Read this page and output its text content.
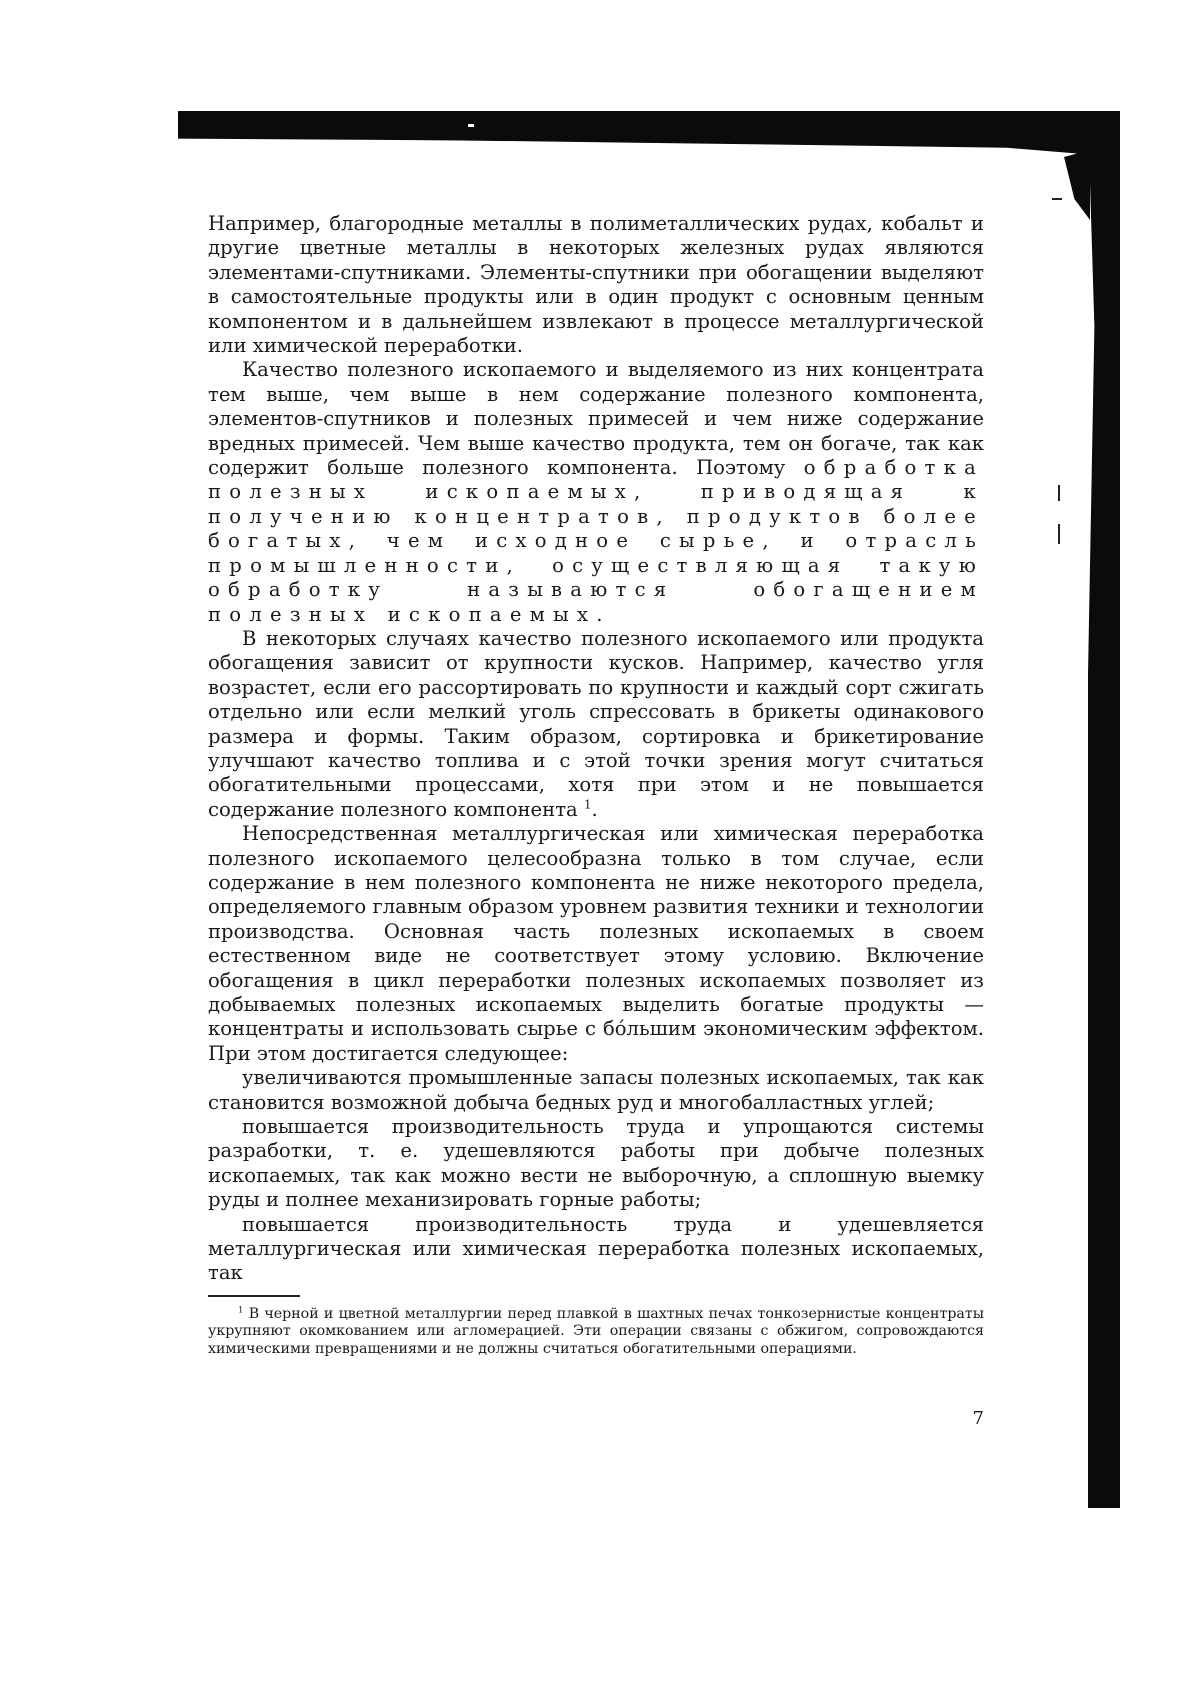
Например, благородные металлы в полиметаллических рудах, кобальт и другие цветные металлы в некоторых железных рудах являются элементами-спутниками. Элементы-спутники при обогащении выделяют в самостоятельные продукты или в один продукт с основным ценным компонентом и в дальнейшем извлекают в процессе металлургической или химической переработки.

Качество полезного ископаемого и выделяемого из них концентрата тем выше, чем выше в нем содержание полезного компонента, элементов-спутников и полезных примесей и чем ниже содержание вредных примесей. Чем выше качество продукта, тем он богаче, так как содержит больше полезного компонента. Поэтому обработка полезных ископаемых, приводящая к получению концентратов, продуктов более богатых, чем исходное сырье, и отрасль промышленности, осуществляющая такую обработку называются обогащением полезных ископаемых.

В некоторых случаях качество полезного ископаемого или продукта обогащения зависит от крупности кусков. Например, качество угля возрастет, если его рассортировать по крупности и каждый сорт сжигать отдельно или если мелкий уголь спрессовать в брикеты одинакового размера и формы. Таким образом, сортировка и брикетирование улучшают качество топлива и с этой точки зрения могут считаться обогатительными процессами, хотя при этом и не повышается содержание полезного компонента $^1$.

Непосредственная металлургическая или химическая переработка полезного ископаемого целесообразна только в том случае, если содержание в нем полезного компонента не ниже некоторого предела, определяемого главным образом уровнем развития техники и технологии производства. Основная часть полезных ископаемых в своем естественном виде не соответствует этому условию. Включение обогащения в цикл переработки полезных ископаемых позволяет из добываемых полезных ископаемых выделить богатые продукты — концентраты и использовать сырье с бо́льшим экономическим эффектом. При этом достигается следующее:

увеличиваются промышленные запасы полезных ископаемых, так как становится возможной добыча бедных руд и многобалластных углей;

повышается производительность труда и упрощаются системы разработки, т. е. удешевляются работы при добыче полезных ископаемых, так как можно вести не выборочную, а сплошную выемку руды и полнее механизировать горные работы;

повышается производительность труда и удешевляется металлургическая или химическая переработка полезных ископаемых, так

$^1$ В черной и цветной металлургии перед плавкой в шахтных печах тонкозернистые концентраты укрупняют окомкованием или агломерацией. Эти операции связаны с обжигом, сопровождаются химическими превращениями и не должны считаться обогатительными операциями.

7
